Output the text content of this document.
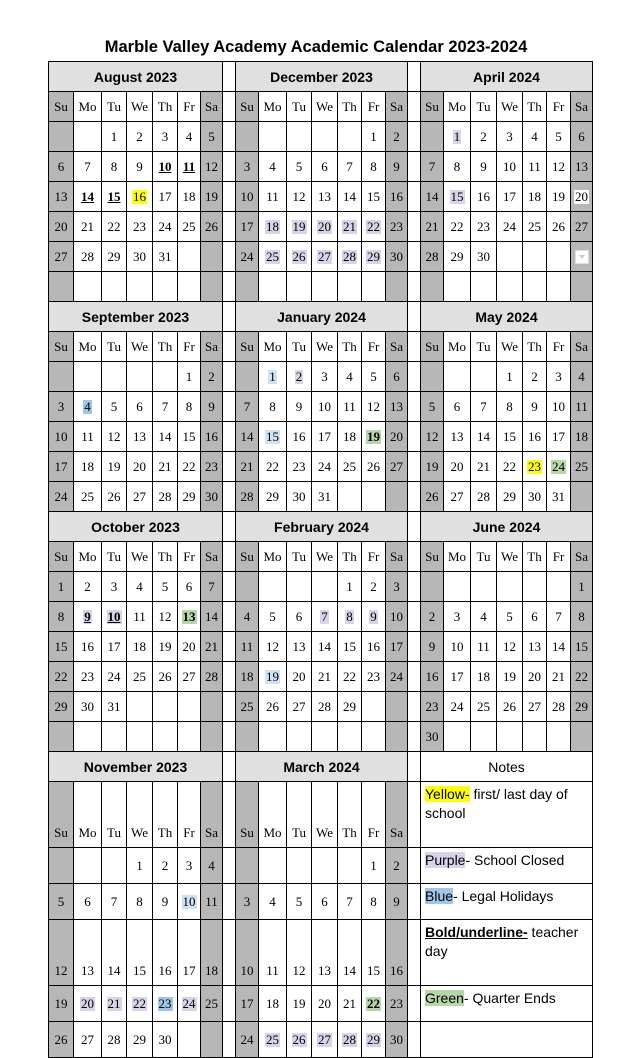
Marble Valley Academy Academic Calendar 2023-2024
August 2023								December 2023								April 2024						
Su	Mo	Tu	We	Th	Fr	Sa		Su	Mo	Tu	We	Th	Fr	Sa		Su	Mo	Tu	We	Th	Fr	Sa
		1	2	3	4	5							1	2			1	2	3	4	5	6
6	7	8	9	10	11	12		3	4	5	6	7	8	9		7	8	9	10	11	12	13
13	14	15	16	17	18	19		10	11	12	13	14	15	16		14	15	16	17	18	19	20
20	21	22	23	24	25	26		17	18	19	20	21	22	23		21	22	23	24	25	26	27
27	28	29	30	31				24	25	26	27	28	29	30		28	29	30				

September 2023								January 2024								May 2024						
Su	Mo	Tu	We	Th	Fr	Sa		Su	Mo	Tu	We	Th	Fr	Sa		Su	Mo	Tu	We	Th	Fr	Sa
					1	2			1	2	3	4	5	6					1	2	3	4
3	4	5	6	7	8	9		7	8	9	10	11	12	13		5	6	7	8	9	10	11
10	11	12	13	14	15	16		14	15	16	17	18	19	20		12	13	14	15	16	17	18
17	18	19	20	21	22	23		21	22	23	24	25	26	27		19	20	21	22	23	24	25
24	25	26	27	28	29	30		28	29	30	31					26	27	28	29	30	31	
October 2023								February 2024								June 2024						
Su	Mo	Tu	We	Th	Fr	Sa		Su	Mo	Tu	We	Th	Fr	Sa		Su	Mo	Tu	We	Th	Fr	Sa
1	2	3	4	5	6	7						1	2	3								1
8	9	10	11	12	13	14		4	5	6	7	8	9	10		2	3	4	5	6	7	8
15	16	17	18	19	20	21		11	12	13	14	15	16	17		9	10	11	12	13	14	15
22	23	24	25	26	27	28		18	19	20	21	22	23	24		16	17	18	19	20	21	22
29	30	31						25	26	27	28	29				23	24	25	26	27	28	29
																30						
November 2023								March 2024								Notes						
Su	Mo	Tu	We	Th	Fr	Sa		Su	Mo	Tu	We	Th	Fr	Sa		Yellow- first/ last day of school						
			1	2	3	4							1	2		Purple- School Closed						
5	6	7	8	9	10	11		3	4	5	6	7	8	9		Blue- Legal Holidays						
12	13	14	15	16	17	18		10	11	12	13	14	15	16		Bold/underline- teacher day						
19	20	21	22	23	24	25		17	18	19	20	21	22	23		Green- Quarter Ends						
26	27	28	29	30				24	25	26	27	28	29	30								
